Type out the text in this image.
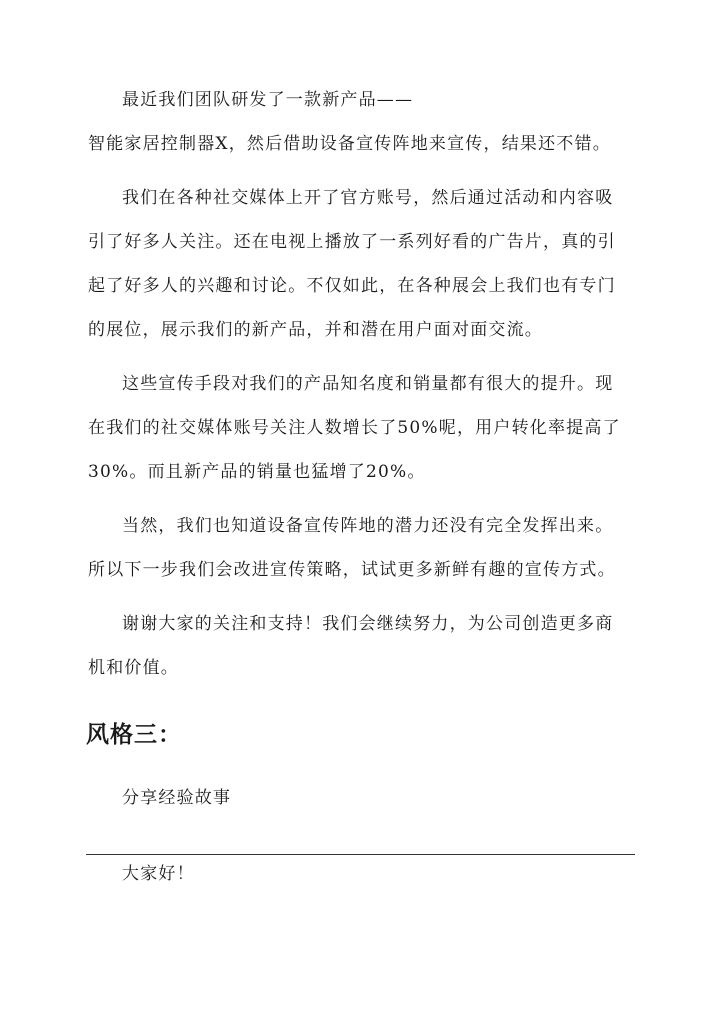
最近我们团队研发了一款新产品——
智能家居控制器X，然后借助设备宣传阵地来宣传，结果还不错。
我们在各种社交媒体上开了官方账号，然后通过活动和内容吸
引了好多人关注。还在电视上播放了一系列好看的广告片，真的引
起了好多人的兴趣和讨论。不仅如此，在各种展会上我们也有专门
的展位，展示我们的新产品，并和潜在用户面对面交流。
这些宣传手段对我们的产品知名度和销量都有很大的提升。现
在我们的社交媒体账号关注人数增长了50%呢，用户转化率提高了
30%。而且新产品的销量也猛增了20%。
当然，我们也知道设备宣传阵地的潜力还没有完全发挥出来。
所以下一步我们会改进宣传策略，试试更多新鲜有趣的宣传方式。
谢谢大家的关注和支持！我们会继续努力，为公司创造更多商
机和价值。
风格三：
分享经验故事
大家好！
